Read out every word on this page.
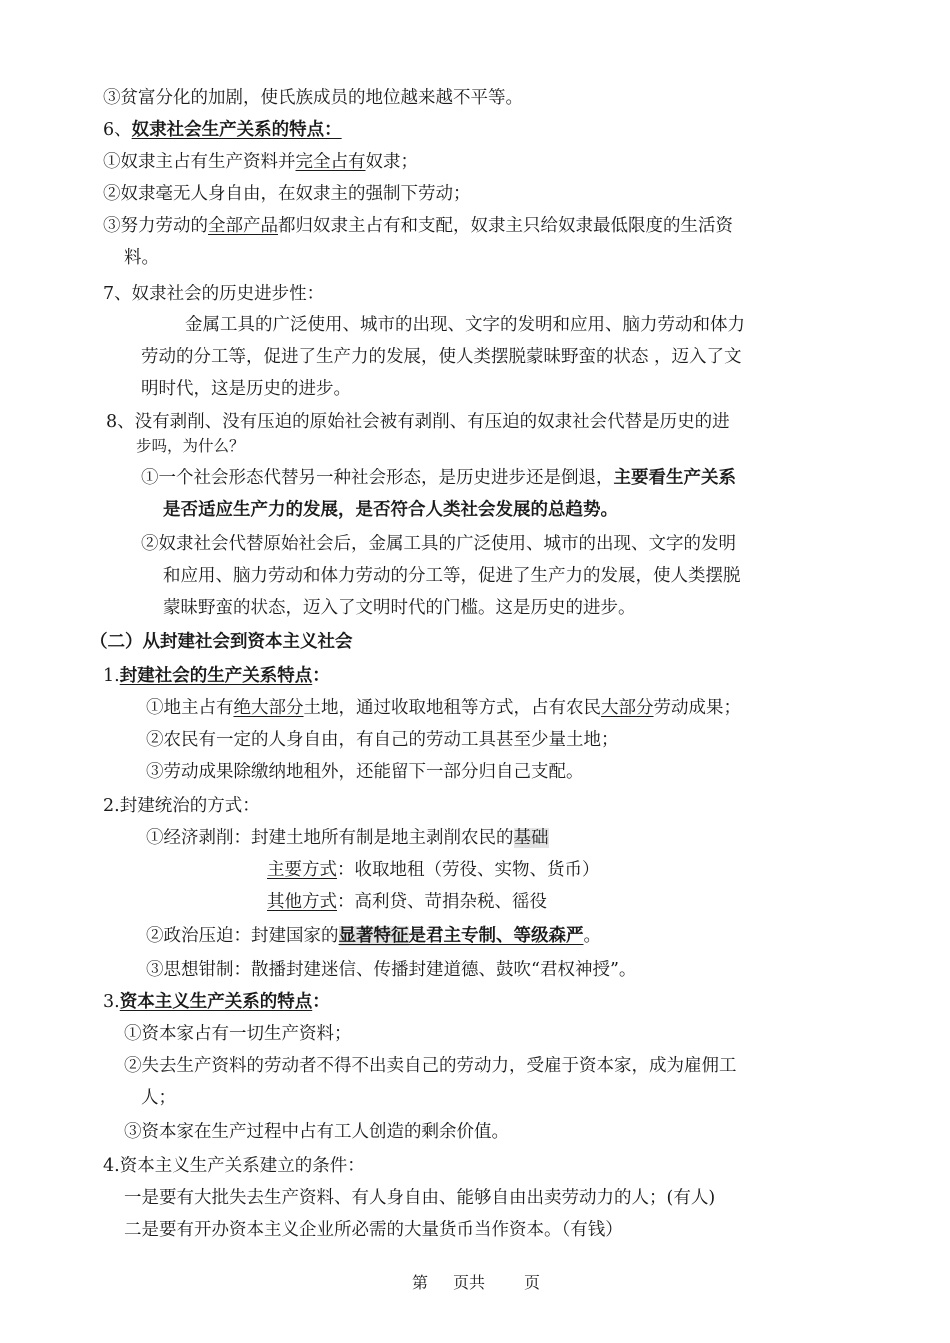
③贫富分化的加剧，使氏族成员的地位越来越不平等。
6、奴隶社会生产关系的特点：
①奴隶主占有生产资料并完全占有奴隶；
②奴隶毫无人身自由，在奴隶主的强制下劳动；
③努力劳动的全部产品都归奴隶主占有和支配，奴隶主只给奴隶最低限度的生活资
料。
7、奴隶社会的历史进步性：
金属工具的广泛使用、城市的出现、文字的发明和应用、脑力劳动和体力
劳动的分工等，促进了生产力的发展，使人类摆脱蒙昧野蛮的状态 ，迈入了文
明时代，这是历史的进步。
8、没有剥削、没有压迫的原始社会被有剥削、有压迫的奴隶社会代替是历史的进
步吗，为什么？
①一个社会形态代替另一种社会形态，是历史进步还是倒退，主要看生产关系
是否适应生产力的发展，是否符合人类社会发展的总趋势。
②奴隶社会代替原始社会后，金属工具的广泛使用、城市的出现、文字的发明
和应用、脑力劳动和体力劳动的分工等，促进了生产力的发展，使人类摆脱
蒙昧野蛮的状态，迈入了文明时代的门槛。这是历史的进步。
（二）从封建社会到资本主义社会
1.封建社会的生产关系特点：
①地主占有绝大部分土地，通过收取地租等方式，占有农民大部分劳动成果；
②农民有一定的人身自由，有自己的劳动工具甚至少量土地；
③劳动成果除缴纳地租外，还能留下一部分归自己支配。
2.封建统治的方式：
①经济剥削：封建土地所有制是地主剥削农民的基础
主要方式：收取地租（劳役、实物、货币）
其他方式：高利贷、苛捐杂税、徭役
②政治压迫：封建国家的显著特征是君主专制、等级森严。
③思想钳制：散播封建迷信、传播封建道德、鼓吹“君权神授”。
3.资本主义生产关系的特点：
①资本家占有一切生产资料；
②失去生产资料的劳动者不得不出卖自己的劳动力，受雇于资本家，成为雇佣工
人；
③资本家在生产过程中占有工人创造的剩余价值。
4.资本主义生产关系建立的条件：
一是要有大批失去生产资料、有人身自由、能够自由出卖劳动力的人；(有人)
二是要有开办资本主义企业所必需的大量货币当作资本。（有钱）
第 页共 页
